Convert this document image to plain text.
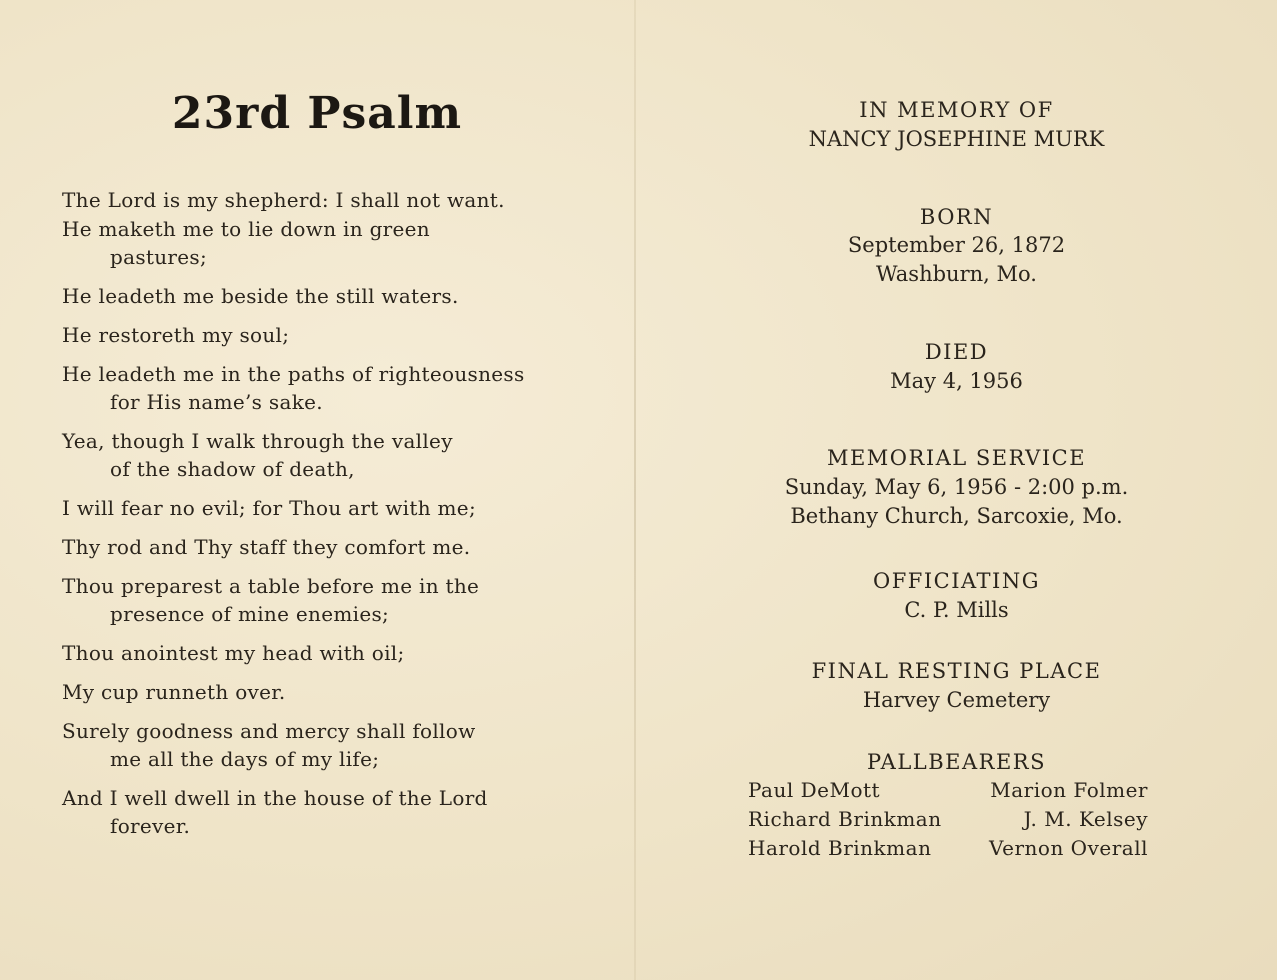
23rd Psalm
The Lord is my shepherd: I shall not want.
He maketh me to lie down in green
pastures;
He leadeth me beside the still waters.
He restoreth my soul;
He leadeth me in the paths of righteousness
for His name’s sake.
Yea, though I walk through the valley
of the shadow of death,
I will fear no evil; for Thou art with me;
Thy rod and Thy staff they comfort me.
Thou preparest a table before me in the
presence of mine enemies;
Thou anointest my head with oil;
My cup runneth over.
Surely goodness and mercy shall follow
me all the days of my life;
And I well dwell in the house of the Lord
forever.
IN MEMORY OF
NANCY JOSEPHINE MURK
BORN
September 26, 1872
Washburn, Mo.
DIED
May 4, 1956
MEMORIAL SERVICE
Sunday, May 6, 1956 - 2:00 p.m.
Bethany Church, Sarcoxie, Mo.
OFFICIATING
C. P. Mills
FINAL RESTING PLACE
Harvey Cemetery
PALLBEARERS
Paul DeMott	Marion Folmer
Richard Brinkman	J. M. Kelsey
Harold Brinkman	Vernon Overall
